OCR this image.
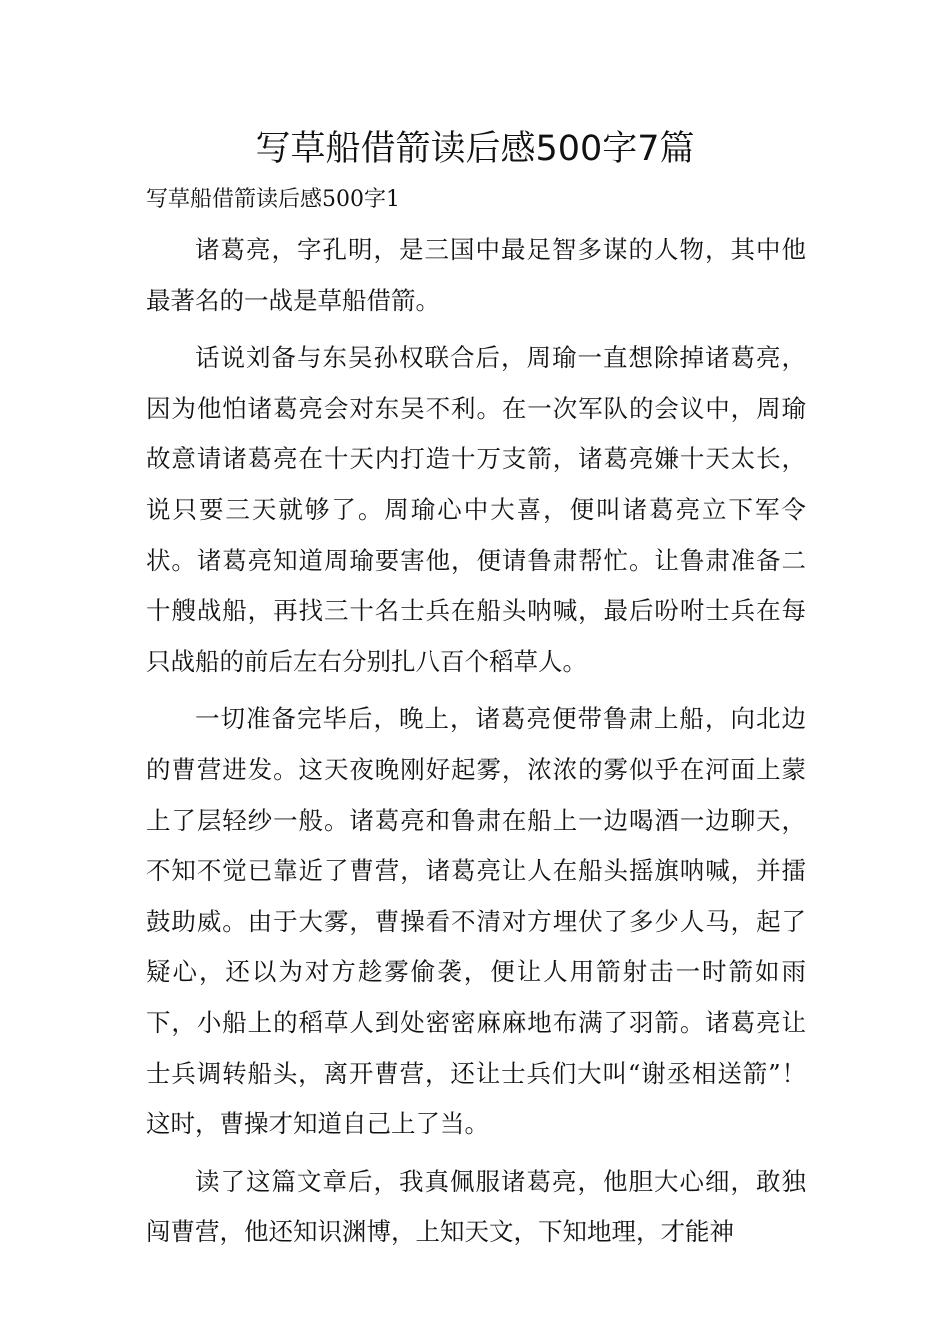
写草船借箭读后感500字7篇
写草船借箭读后感500字1

诸葛亮，字孔明，是三国中最足智多谋的人物，其中他最著名的一战是草船借箭。

话说刘备与东吴孙权联合后，周瑜一直想除掉诸葛亮，因为他怕诸葛亮会对东吴不利。在一次军队的会议中，周瑜故意请诸葛亮在十天内打造十万支箭，诸葛亮嫌十天太长，说只要三天就够了。周瑜心中大喜，便叫诸葛亮立下军令状。诸葛亮知道周瑜要害他，便请鲁肃帮忙。让鲁肃准备二十艘战船，再找三十名士兵在船头呐喊，最后吩咐士兵在每只战船的前后左右分别扎八百个稻草人。

一切准备完毕后，晚上，诸葛亮便带鲁肃上船，向北边的曹营进发。这天夜晚刚好起雾，浓浓的雾似乎在河面上蒙上了层轻纱一般。诸葛亮和鲁肃在船上一边喝酒一边聊天，不知不觉已靠近了曹营，诸葛亮让人在船头摇旗呐喊，并擂鼓助威。由于大雾，曹操看不清对方埋伏了多少人马，起了疑心，还以为对方趁雾偷袭，便让人用箭射击一时箭如雨下，小船上的稻草人到处密密麻麻地布满了羽箭。诸葛亮让士兵调转船头，离开曹营，还让士兵们大叫“谢丞相送箭”！这时，曹操才知道自己上了当。

读了这篇文章后，我真佩服诸葛亮，他胆大心细，敢独闯曹营，他还知识渊博，上知天文，下知地理，才能神
